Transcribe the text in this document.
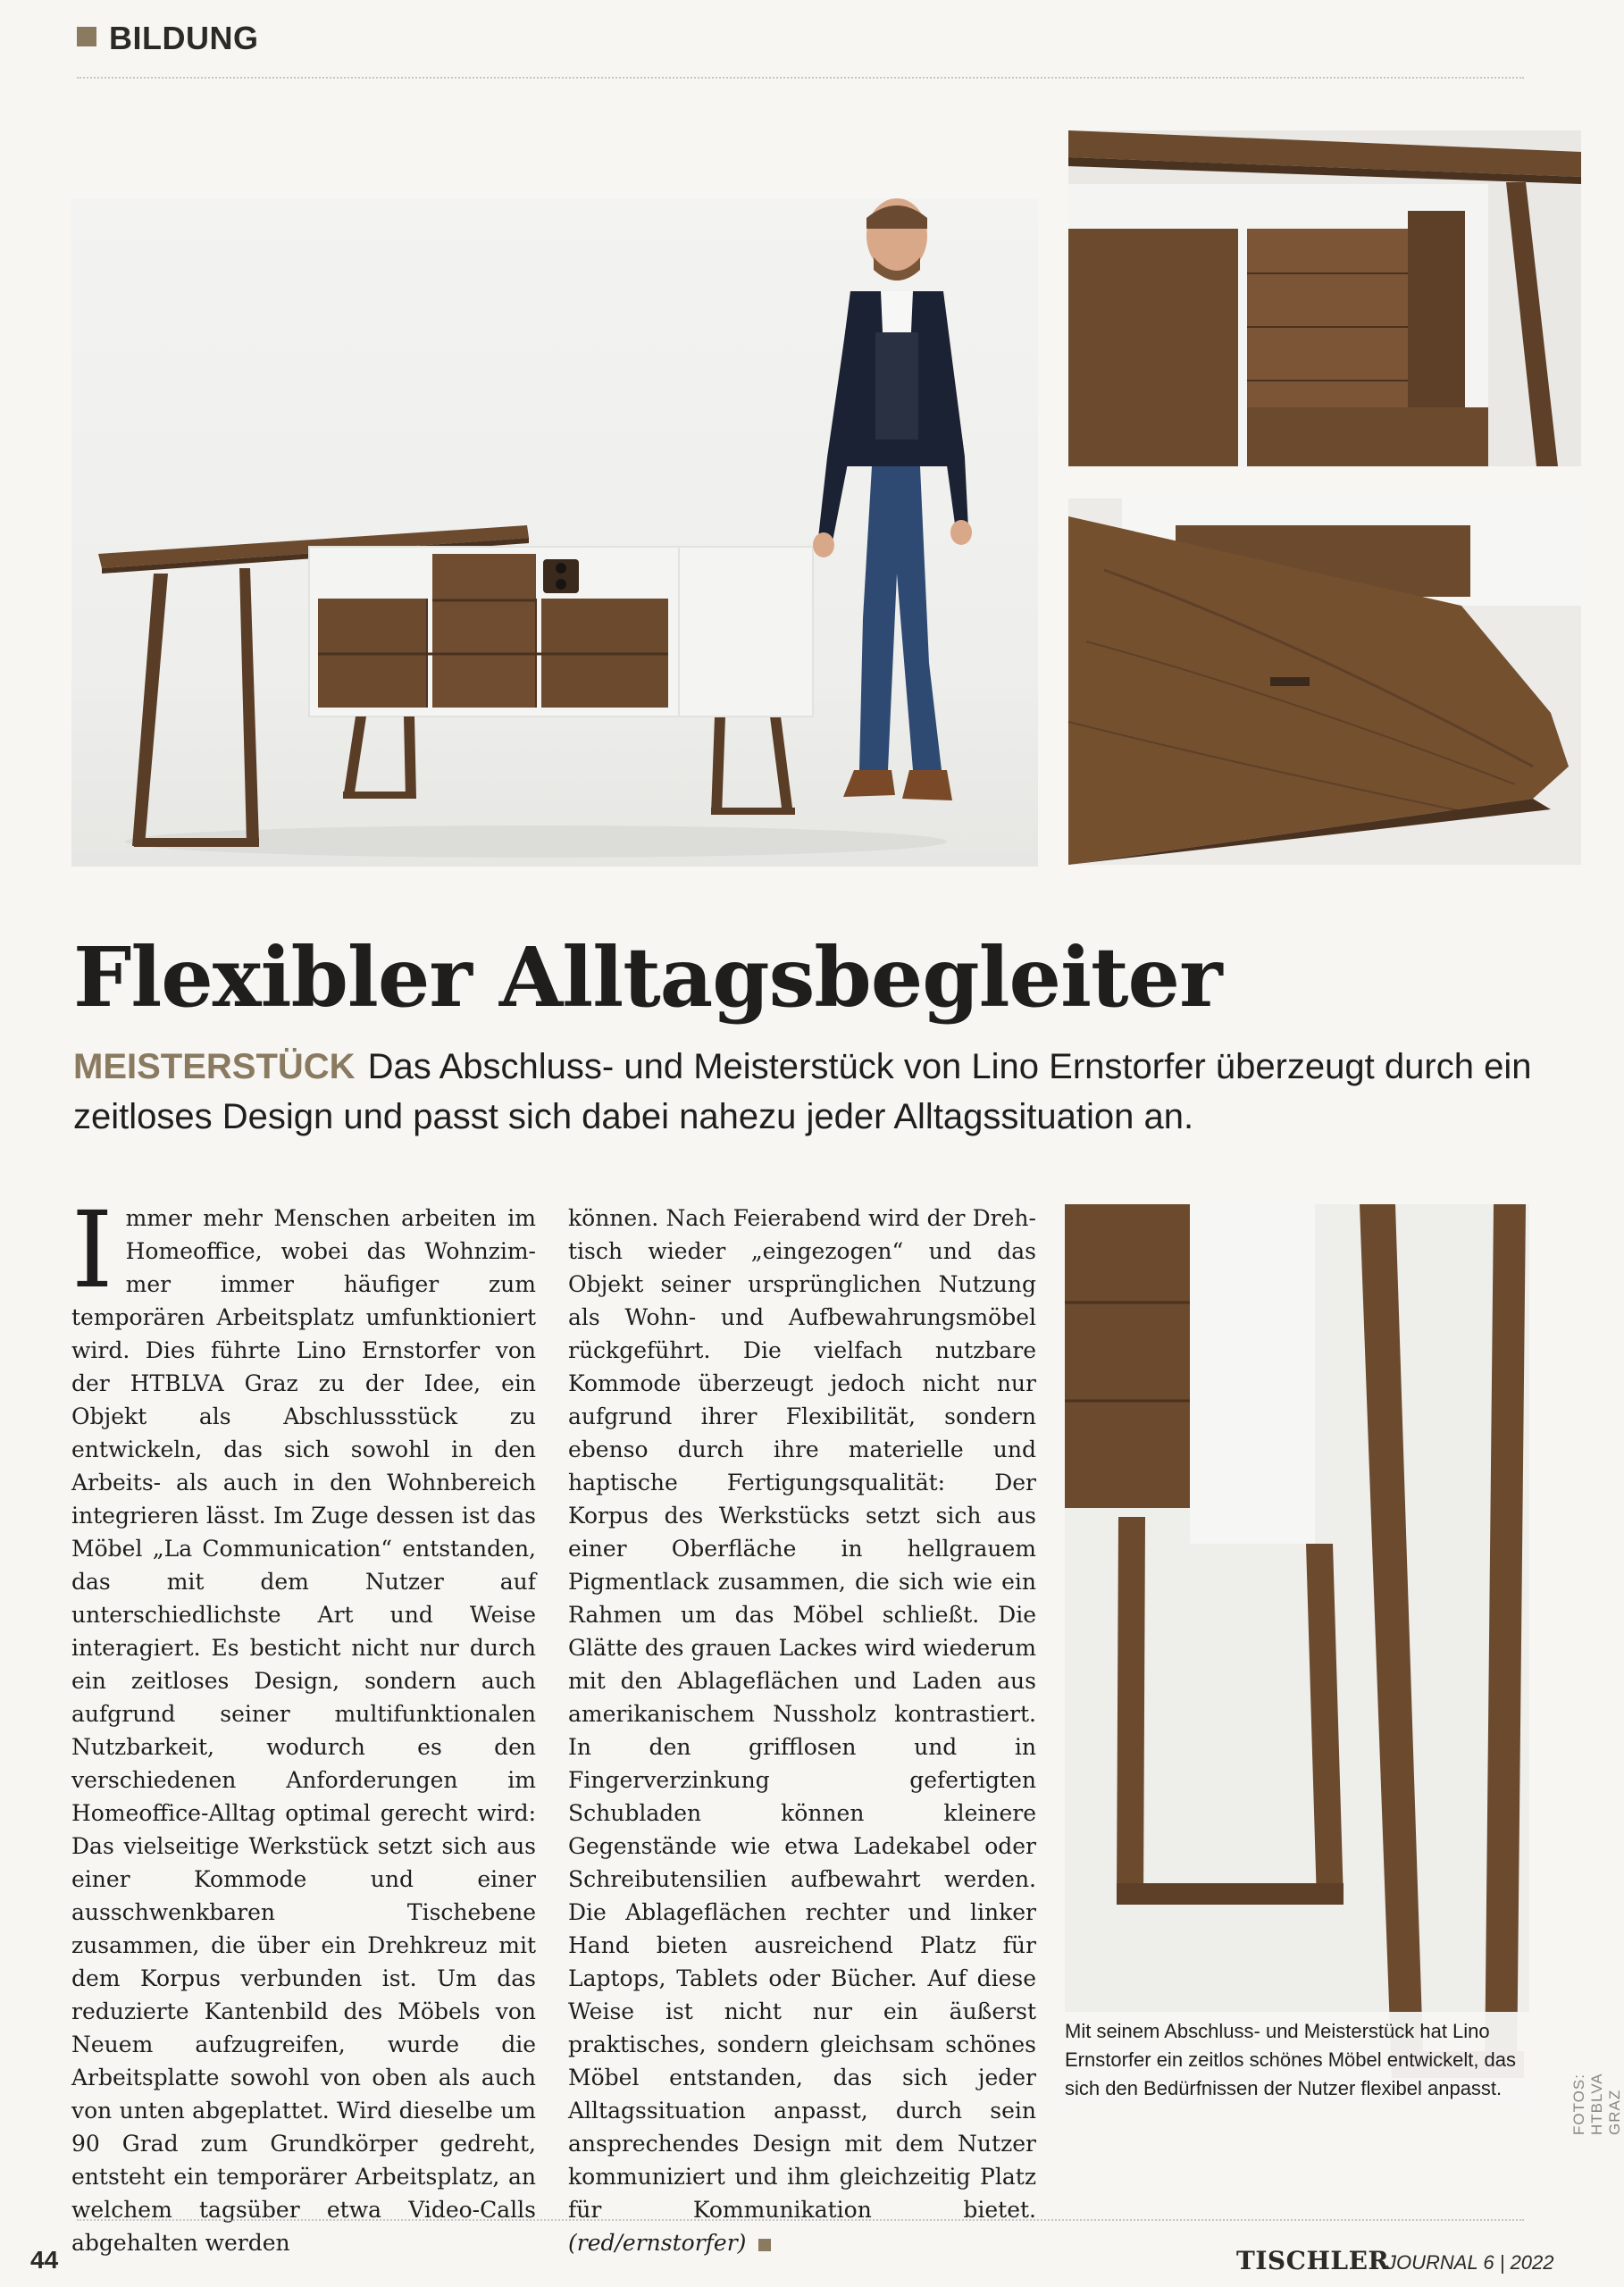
BILDUNG
Flexibler Alltagsbegleiter
MEISTERSTÜCK Das Abschluss- und Meisterstück von Lino Ernstorfer überzeugt durch ein zeitloses Design und passt sich dabei nahezu jeder Alltagssituation an.
Immer mehr Menschen arbeiten im Homeoffice, wobei das Wohnzimmer immer häufiger zum temporären Arbeitsplatz umfunktioniert wird. Dies führte Lino Ernstorfer von der HTBLVA Graz zu der Idee, ein Objekt als Abschlussstück zu entwickeln, das sich sowohl in den Arbeits- als auch in den Wohnbereich integrieren lässt. Im Zuge dessen ist das Möbel „La Communication“ entstanden, das mit dem Nutzer auf unterschiedlichste Art und Weise interagiert. Es besticht nicht nur durch ein zeitloses Design, sondern auch aufgrund seiner multifunktionalen Nutzbarkeit, wodurch es den verschiedenen Anforderungen im Homeoffice-Alltag optimal gerecht wird: Das vielseitige Werkstück setzt sich aus einer Kommode und einer ausschwenkbaren Tischebene zusammen, die über ein Drehkreuz mit dem Korpus verbunden ist. Um das reduzierte Kantenbild des Möbels von Neuem aufzugreifen, wurde die Arbeitsplatte sowohl von oben als auch von unten abgeplattet. Wird dieselbe um 90 Grad zum Grundkörper gedreht, entsteht ein temporärer Arbeitsplatz, an welchem tagsüber etwa Video-Calls abgehalten werden
können. Nach Feierabend wird der Drehtisch wieder „eingezogen“ und das Objekt seiner ursprünglichen Nutzung als Wohn- und Aufbewahrungsmöbel rückgeführt. Die vielfach nutzbare Kommode überzeugt jedoch nicht nur aufgrund ihrer Flexibilität, sondern ebenso durch ihre materielle und haptische Fertigungsqualität: Der Korpus des Werkstücks setzt sich aus einer Oberfläche in hellgrauem Pigmentlack zusammen, die sich wie ein Rahmen um das Möbel schließt. Die Glätte des grauen Lackes wird wiederum mit den Ablageflächen und Laden aus amerikanischem Nussholz kontrastiert. In den grifflosen und in Fingerverzinkung gefertigten Schubladen können kleinere Gegenstände wie etwa Ladekabel oder Schreibutensilien aufbewahrt werden. Die Ablageflächen rechter und linker Hand bieten ausreichend Platz für Laptops, Tablets oder Bücher. Auf diese Weise ist nicht nur ein äußerst praktisches, sondern gleichsam schönes Möbel entstanden, das sich jeder Alltagssituation anpasst, durch sein ansprechendes Design mit dem Nutzer kommuniziert und ihm gleichzeitig Platz für Kommunikation bietet. (red/ernstorfer)
Mit seinem Abschluss- und Meisterstück hat Lino Ernstorfer ein zeitlos schönes Möbel entwickelt, das sich den Bedürfnissen der Nutzer flexibel anpasst.	FOTOS: HTBLVA GRAZ
44	TISCHLER
JOURNAL 6 | 2022
